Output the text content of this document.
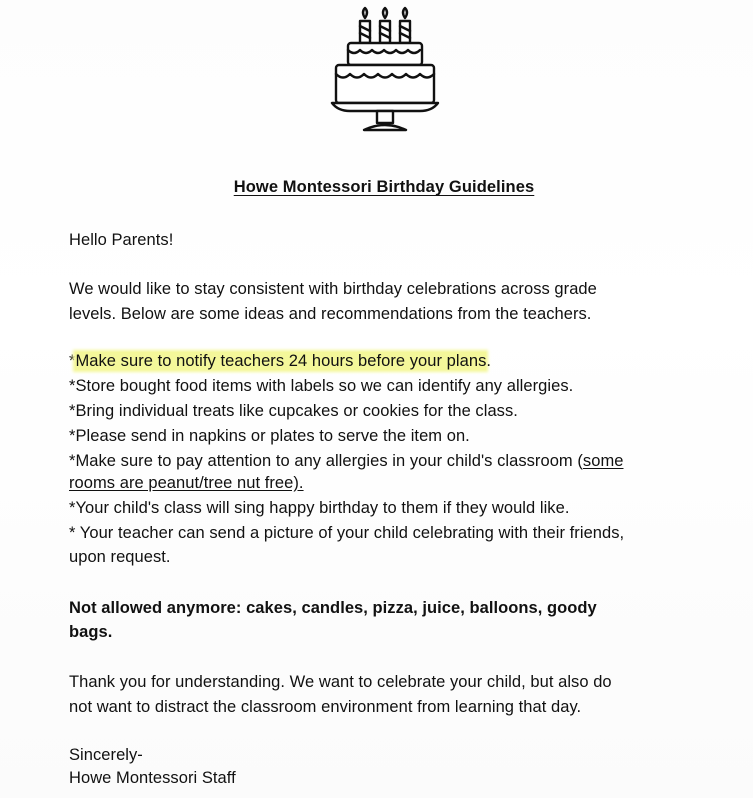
Howe Montessori Birthday Guidelines
Hello Parents!
We would like to stay consistent with birthday celebrations across grade
levels. Below are some ideas and recommendations from the teachers.
*Make sure to notify teachers 24 hours before your plans.
*Store bought food items with labels so we can identify any allergies.
*Bring individual treats like cupcakes or cookies for the class.
*Please send in napkins or plates to serve the item on.
*Make sure to pay attention to any allergies in your child's classroom (some
rooms are peanut/tree nut free).
*Your child's class will sing happy birthday to them if they would like.
* Your teacher can send a picture of your child celebrating with their friends,
upon request.
Not allowed anymore: cakes, candles, pizza, juice, balloons, goody
bags.
Thank you for understanding. We want to celebrate your child, but also do
not want to distract the classroom environment from learning that day.
Sincerely-
Howe Montessori Staff
